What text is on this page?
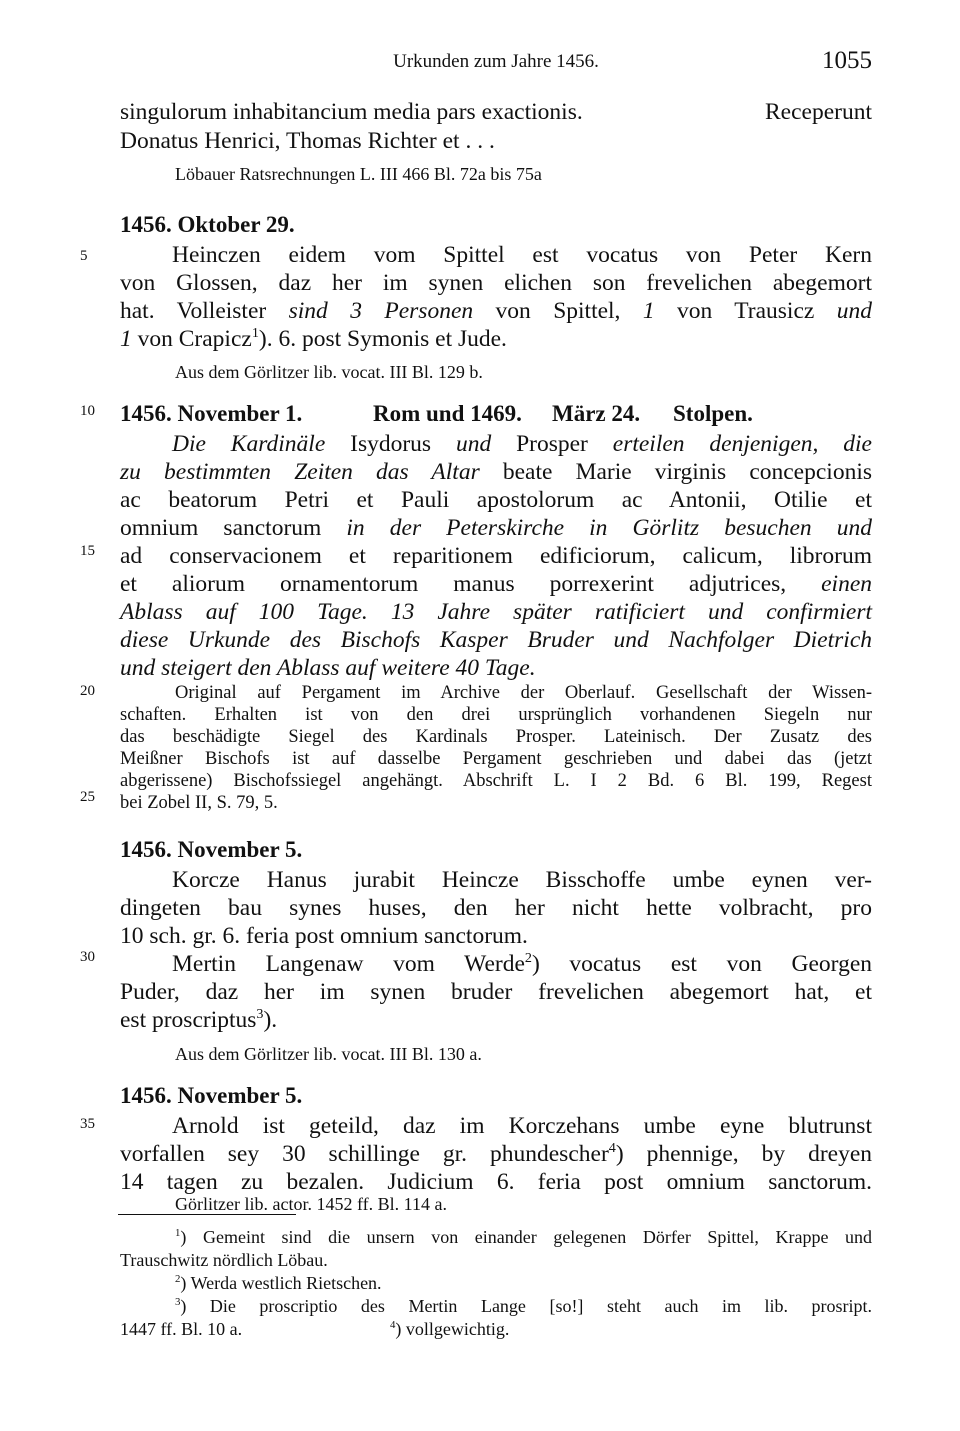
Urkunden zum Jahre 1456.	1055
5
10
15
20
25
30
35
singulorum inhabitancium media pars exactionis.	Receperunt
Donatus Henrici, Thomas Richter et . . .
Löbauer Ratsrechnungen L. III 466 Bl. 72a bis 75a
1456. Oktober 29.
Heinczen eidem vom Spittel est vocatus von Peter Kern
von Glossen, daz her im synen elichen son frevelichen abegemort
hat. Volleister sind 3 Personen von Spittel, 1 von Trausicz und
1 von Crapicz$^1$). 6. post Symonis et Jude.
Aus dem Görlitzer lib. vocat. III Bl. 129 b.
1456. November 1.	Rom und 1469. März 24. Stolpen.
Die Kardinäle Isydorus und Prosper erteilen denjenigen, die
zu bestimmten Zeiten das Altar beate Marie virginis concepcionis
ac beatorum Petri et Pauli apostolorum ac Antonii, Otilie et
omnium sanctorum in der Peterskirche in Görlitz besuchen und
ad conservacionem et reparitionem edificiorum, calicum, librorum
et aliorum ornamentorum manus porrexerint adjutrices, einen
Ablass auf 100 Tage. 13 Jahre später ratificiert und confirmiert
diese Urkunde des Bischofs Kasper Bruder und Nachfolger Dietrich
und steigert den Ablass auf weitere 40 Tage.
Original auf Pergament im Archive der Oberlauf. Gesellschaft der Wissen-
schaften. Erhalten ist von den drei ursprünglich vorhandenen Siegeln nur
das beschädigte Siegel des Kardinals Prosper. Lateinisch. Der Zusatz des
Meißner Bischofs ist auf dasselbe Pergament geschrieben und dabei das (jetzt
abgerissene) Bischofssiegel angehängt. Abschrift L. I 2 Bd. 6 Bl. 199, Regest
bei Zobel II, S. 79, 5.
1456. November 5.
Korcze Hanus jurabit Heincze Bisschoffe umbe eynen ver-
dingeten bau synes huses, den her nicht hette volbracht, pro
10 sch. gr. 6. feria post omnium sanctorum.
Mertin Langenaw vom Werde$^2$) vocatus est von Georgen
Puder, daz her im synen bruder frevelichen abegemort hat, et
est proscriptus$^3$).
Aus dem Görlitzer lib. vocat. III Bl. 130 a.
1456. November 5.
Arnold ist geteild, daz im Korczehans umbe eyne blutrunst
vorfallen sey 30 schillinge gr. phundescher$^4$) phennige, by dreyen
14 tagen zu bezalen. Judicium 6. feria post omnium sanctorum.
Görlitzer lib. actor. 1452 ff. Bl. 114 a.
$^1$) Gemeint sind die unsern von einander gelegenen Dörfer Spittel, Krappe und
Trauschwitz nördlich Löbau.
$^2$) Werda westlich Rietschen.
$^3$) Die proscriptio des Mertin Lange [so!] steht auch im lib. prosript.
1447 ff. Bl. 10 a.	$^4$) vollgewichtig.
